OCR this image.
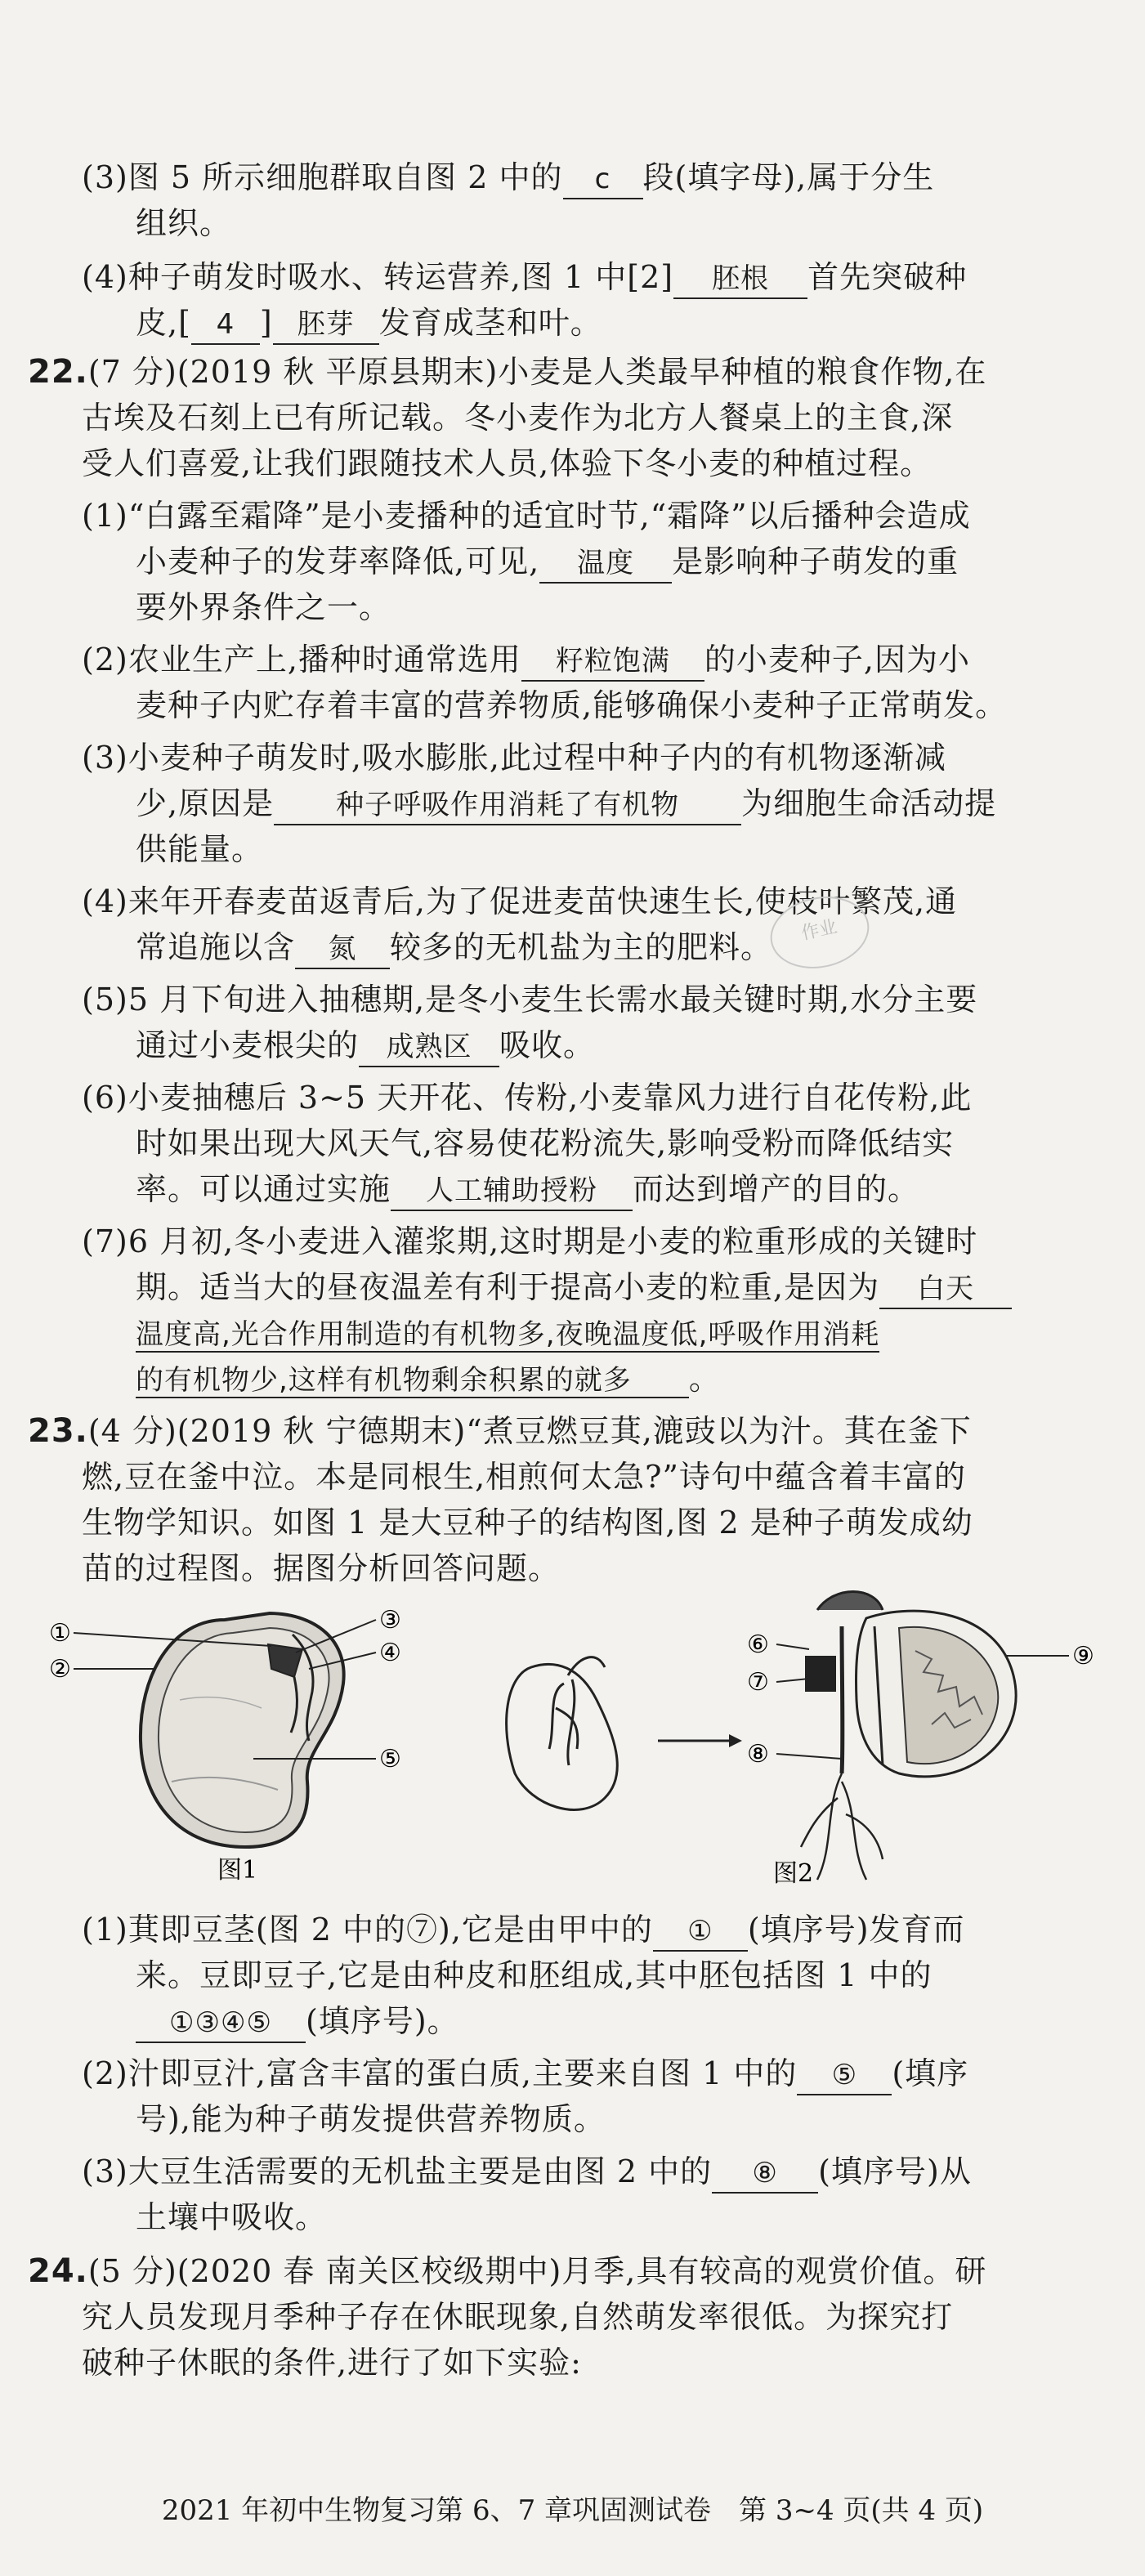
(3)图 5 所示细胞群取自图 2 中的 c 段(填字母),属于分生
组织。
(4)种子萌发时吸水、转运营养,图 1 中[2] 胚根 首先突破种
皮,[ 4 ] 胚芽 发育成茎和叶。
22.(7 分)(2019 秋 平原县期末)小麦是人类最早种植的粮食作物,在
古埃及石刻上已有所记载。冬小麦作为北方人餐桌上的主食,深
受人们喜爱,让我们跟随技术人员,体验下冬小麦的种植过程。
(1)“白露至霜降”是小麦播种的适宜时节,“霜降”以后播种会造成
小麦种子的发芽率降低,可见, 温度 是影响种子萌发的重
要外界条件之一。
(2)农业生产上,播种时通常选用 籽粒饱满 的小麦种子,因为小
麦种子内贮存着丰富的营养物质,能够确保小麦种子正常萌发。
(3)小麦种子萌发时,吸水膨胀,此过程中种子内的有机物逐渐减
少,原因是 种子呼吸作用消耗了有机物 为细胞生命活动提
供能量。
(4)来年开春麦苗返青后,为了促进麦苗快速生长,使枝叶繁茂,通
常追施以含 氮 较多的无机盐为主的肥料。	作业
(5)5 月下旬进入抽穗期,是冬小麦生长需水最关键时期,水分主要
通过小麦根尖的 成熟区 吸收。
(6)小麦抽穗后 3~5 天开花、传粉,小麦靠风力进行自花传粉,此
时如果出现大风天气,容易使花粉流失,影响受粉而降低结实
率。可以通过实施 人工辅助授粉 而达到增产的目的。
(7)6 月初,冬小麦进入灌浆期,这时期是小麦的粒重形成的关键时
期。适当大的昼夜温差有利于提高小麦的粒重,是因为 白天
温度高,光合作用制造的有机物多,夜晚温度低,呼吸作用消耗
的有机物少,这样有机物剩余积累的就多 。
23.(4 分)(2019 秋 宁德期末)“煮豆燃豆萁,漉豉以为汁。萁在釜下
燃,豆在釜中泣。本是同根生,相煎何太急?”诗句中蕴含着丰富的
生物学知识。如图 1 是大豆种子的结构图,图 2 是种子萌发成幼
苗的过程图。据图分析回答问题。
①
②
③
④
⑤
图1
⑥
⑦
⑧
⑨
图2
(1)萁即豆茎(图 2 中的⑦),它是由甲中的 ① (填序号)发育而
来。豆即豆子,它是由种皮和胚组成,其中胚包括图 1 中的
①③④⑤ (填序号)。
(2)汁即豆汁,富含丰富的蛋白质,主要来自图 1 中的 ⑤ (填序
号),能为种子萌发提供营养物质。
(3)大豆生活需要的无机盐主要是由图 2 中的 ⑧ (填序号)从
土壤中吸收。
24.(5 分)(2020 春 南关区校级期中)月季,具有较高的观赏价值。研
究人员发现月季种子存在休眠现象,自然萌发率很低。为探究打
破种子休眠的条件,进行了如下实验:
2021 年初中生物复习第 6、7 章巩固测试卷　第 3~4 页(共 4 页)
